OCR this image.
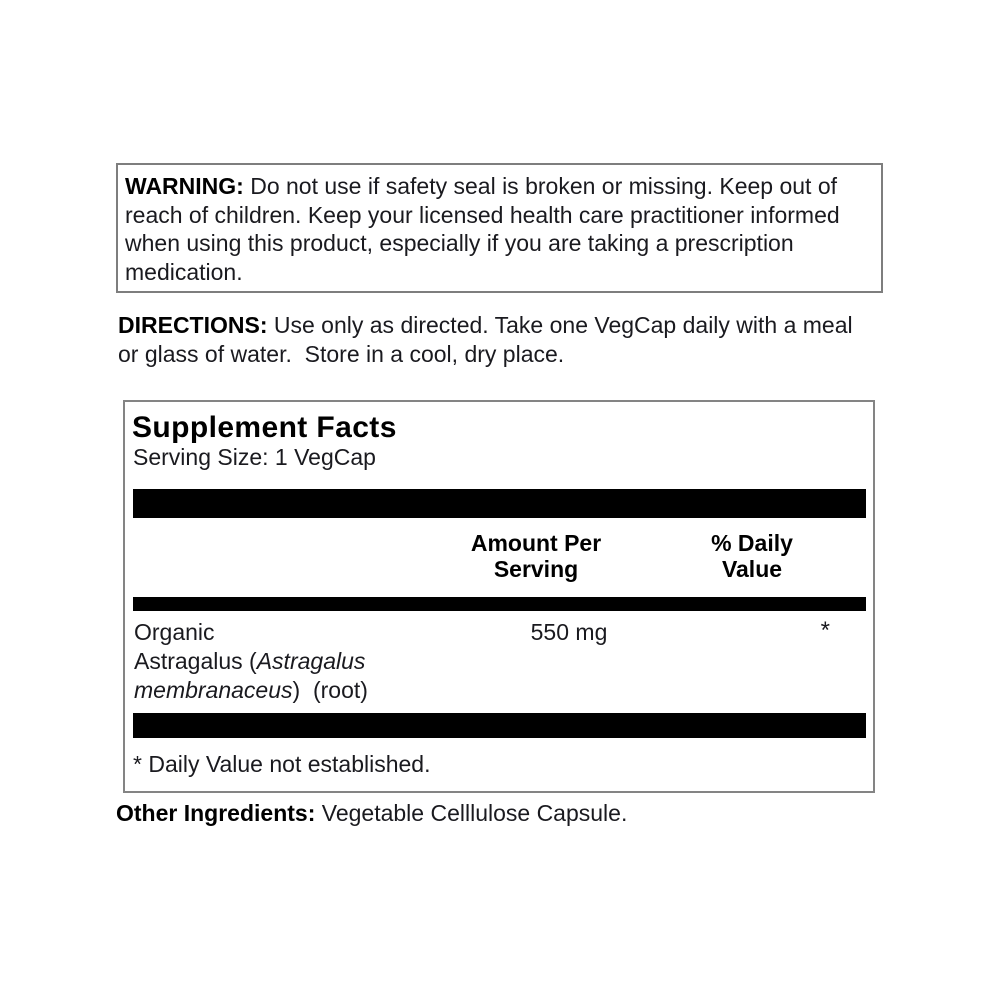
WARNING: Do not use if safety seal is broken or missing. Keep out of reach of children. Keep your licensed health care practitioner informed when using this product, especially if you are taking a prescription medication.

DIRECTIONS: Use only as directed. Take one VegCap daily with a meal or glass of water.  Store in a cool, dry place.

Supplement Facts
Serving Size: 1 VegCap
Amount Per
Serving
% Daily
Value
Organic
Astragalus (Astragalus
membranaceus)  (root)
550 mg	*
* Daily Value not established.

Other Ingredients: Vegetable Celllulose Capsule.
